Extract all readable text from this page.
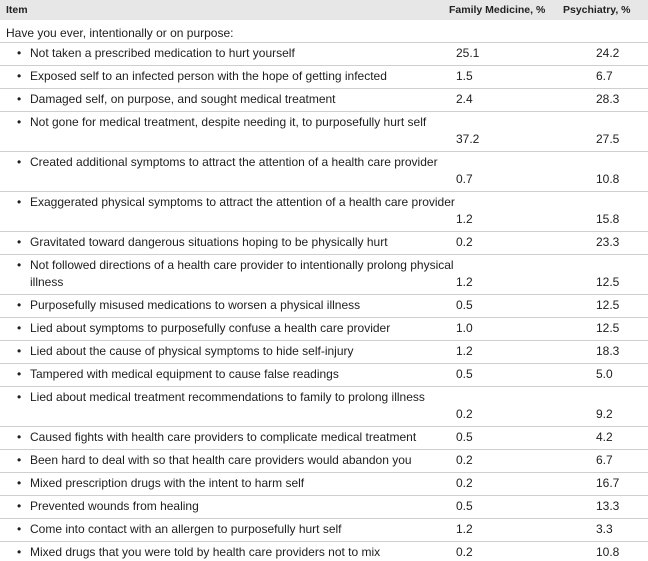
Item	Family Medicine, % Psychiatry, %
Have you ever, intentionally or on purpose:
• Not taken a prescribed medication to hurt yourself	25.1	24.2
• Exposed self to an infected person with the hope of getting infected	1.5	6.7
• Damaged self, on purpose, and sought medical treatment	2.4	28.3
• Not gone for medical treatment, despite needing it, to purposefully hurt self
37.2	27.5
• Created additional symptoms to attract the attention of a health care provider
0.7	10.8
• Exaggerated physical symptoms to attract the attention of a health care provider
1.2	15.8
• Gravitated toward dangerous situations hoping to be physically hurt	0.2	23.3
• Not followed directions of a health care provider to intentionally prolong physical illness	1.2	12.5
• Purposefully misused medications to worsen a physical illness	0.5	12.5
• Lied about symptoms to purposefully confuse a health care provider	1.0	12.5
• Lied about the cause of physical symptoms to hide self-injury	1.2	18.3
• Tampered with medical equipment to cause false readings	0.5	5.0
• Lied about medical treatment recommendations to family to prolong illness
0.2	9.2
• Caused fights with health care providers to complicate medical treatment	0.5	4.2
• Been hard to deal with so that health care providers would abandon you	0.2	6.7
• Mixed prescription drugs with the intent to harm self	0.2	16.7
• Prevented wounds from healing	0.5	13.3
• Come into contact with an allergen to purposefully hurt self	1.2	3.3
• Mixed drugs that you were told by health care providers not to mix	0.2	10.8
